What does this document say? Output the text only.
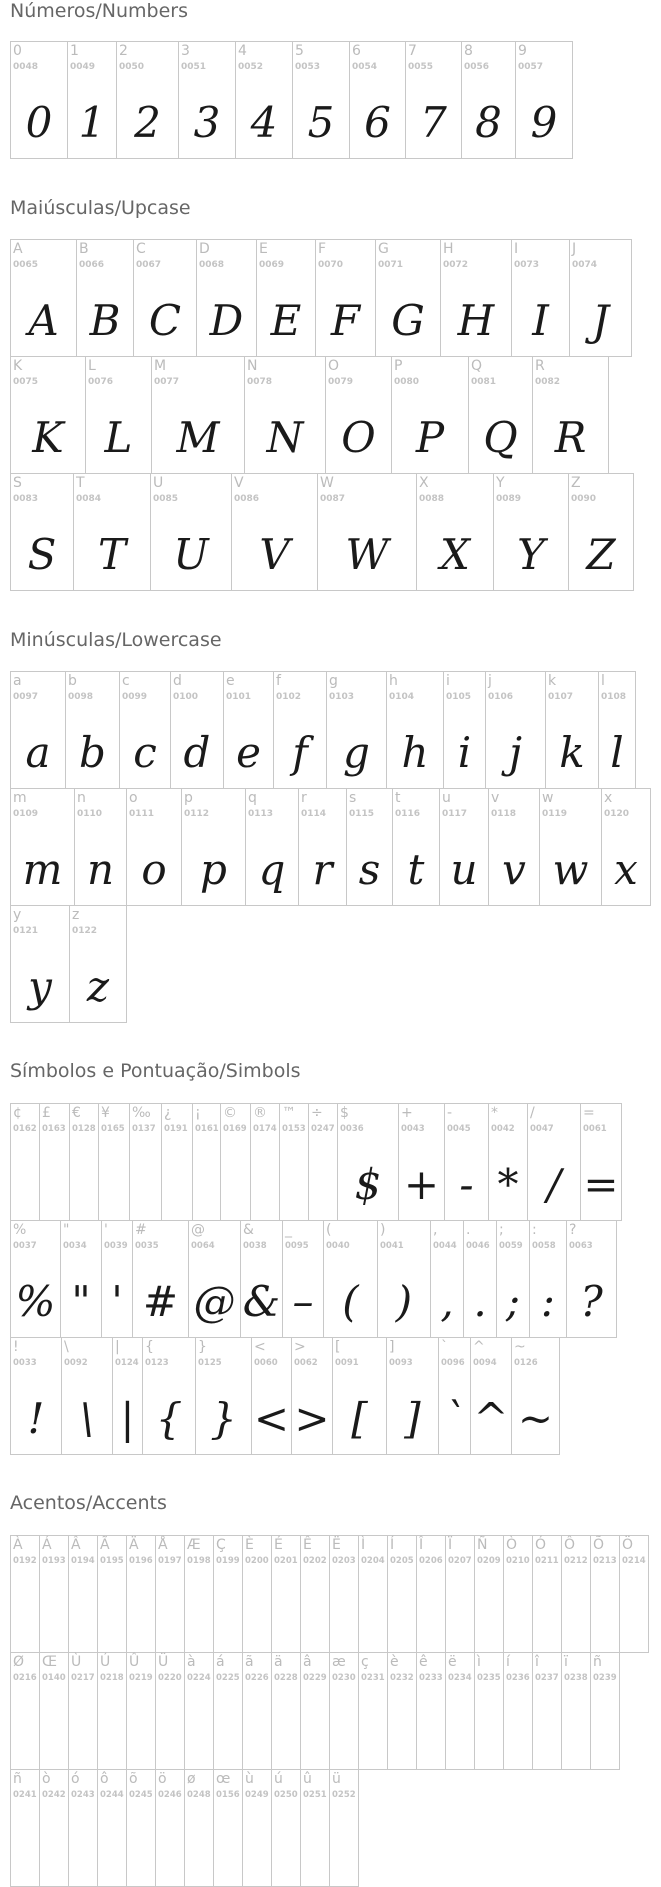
Números/Numbers
0
0048
0
1
0049
1
2
0050
2
3
0051
3
4
0052
4
5
0053
5
6
0054
6
7
0055
7
8
0056
8
9
0057
9
Maiúsculas/Upcase
A
0065
A
B
0066
B
C
0067
C
D
0068
D
E
0069
E
F
0070
F
G
0071
G
H
0072
H
I
0073
I
J
0074
J
K
0075
K
L
0076
L
M
0077
M
N
0078
N
O
0079
O
P
0080
P
Q
0081
Q
R
0082
R
S
0083
S
T
0084
T
U
0085
U
V
0086
V
W
0087
W
X
0088
X
Y
0089
Y
Z
0090
Z
Minúsculas/Lowercase
a
0097
a
b
0098
b
c
0099
c
d
0100
d
e
0101
e
f
0102
f
g
0103
g
h
0104
h
i
0105
i
j
0106
j
k
0107
k
l
0108
l
m
0109
m
n
0110
n
o
0111
o
p
0112
p
q
0113
q
r
0114
r
s
0115
s
t
0116
t
u
0117
u
v
0118
v
w
0119
w
x
0120
x
y
0121
y
z
0122
z
Símbolos e Pontuação/Simbols
¢
0162
£
0163
€
0128
¥
0165
‰
0137
¿
0191
¡
0161
©
0169
®
0174
™
0153
÷
0247
$
0036
$
+
0043
+
-
0045
-
*
0042
*
/
0047
/
=
0061
=
%
0037
%
"
0034
"
'
0039
'
#
0035
#
@
0064
@
&
0038
&
_
0095
–
(
0040
(
)
0041
)
,
0044
,
.
0046
.
;
0059
;
:
0058
:
?
0063
?
!
0033
!
\
0092
\
|
0124
|
{
0123
{
}
0125
}
<
0060
<
>
0062
>
[
0091
[
]
0093
]
`
0096
`
^
0094
^
~
0126
~
Acentos/Accents
À
0192
Á
0193
Â
0194
Ã
0195
Ä
0196
Å
0197
Æ
0198
Ç
0199
È
0200
É
0201
Ê
0202
Ë
0203
Ì
0204
Í
0205
Î
0206
Ï
0207
Ñ
0209
Ò
0210
Ó
0211
Ô
0212
Õ
0213
Ö
0214
Ø
0216
Œ
0140
Ù
0217
Ú
0218
Û
0219
Ü
0220
à
0224
á
0225
ã
0226
ä
0228
â
0229
æ
0230
ç
0231
è
0232
ê
0233
ë
0234
ì
0235
í
0236
î
0237
ï
0238
ñ
0239
ñ
0241
ò
0242
ó
0243
ô
0244
õ
0245
ö
0246
ø
0248
œ
0156
ù
0249
ú
0250
û
0251
ü
0252
